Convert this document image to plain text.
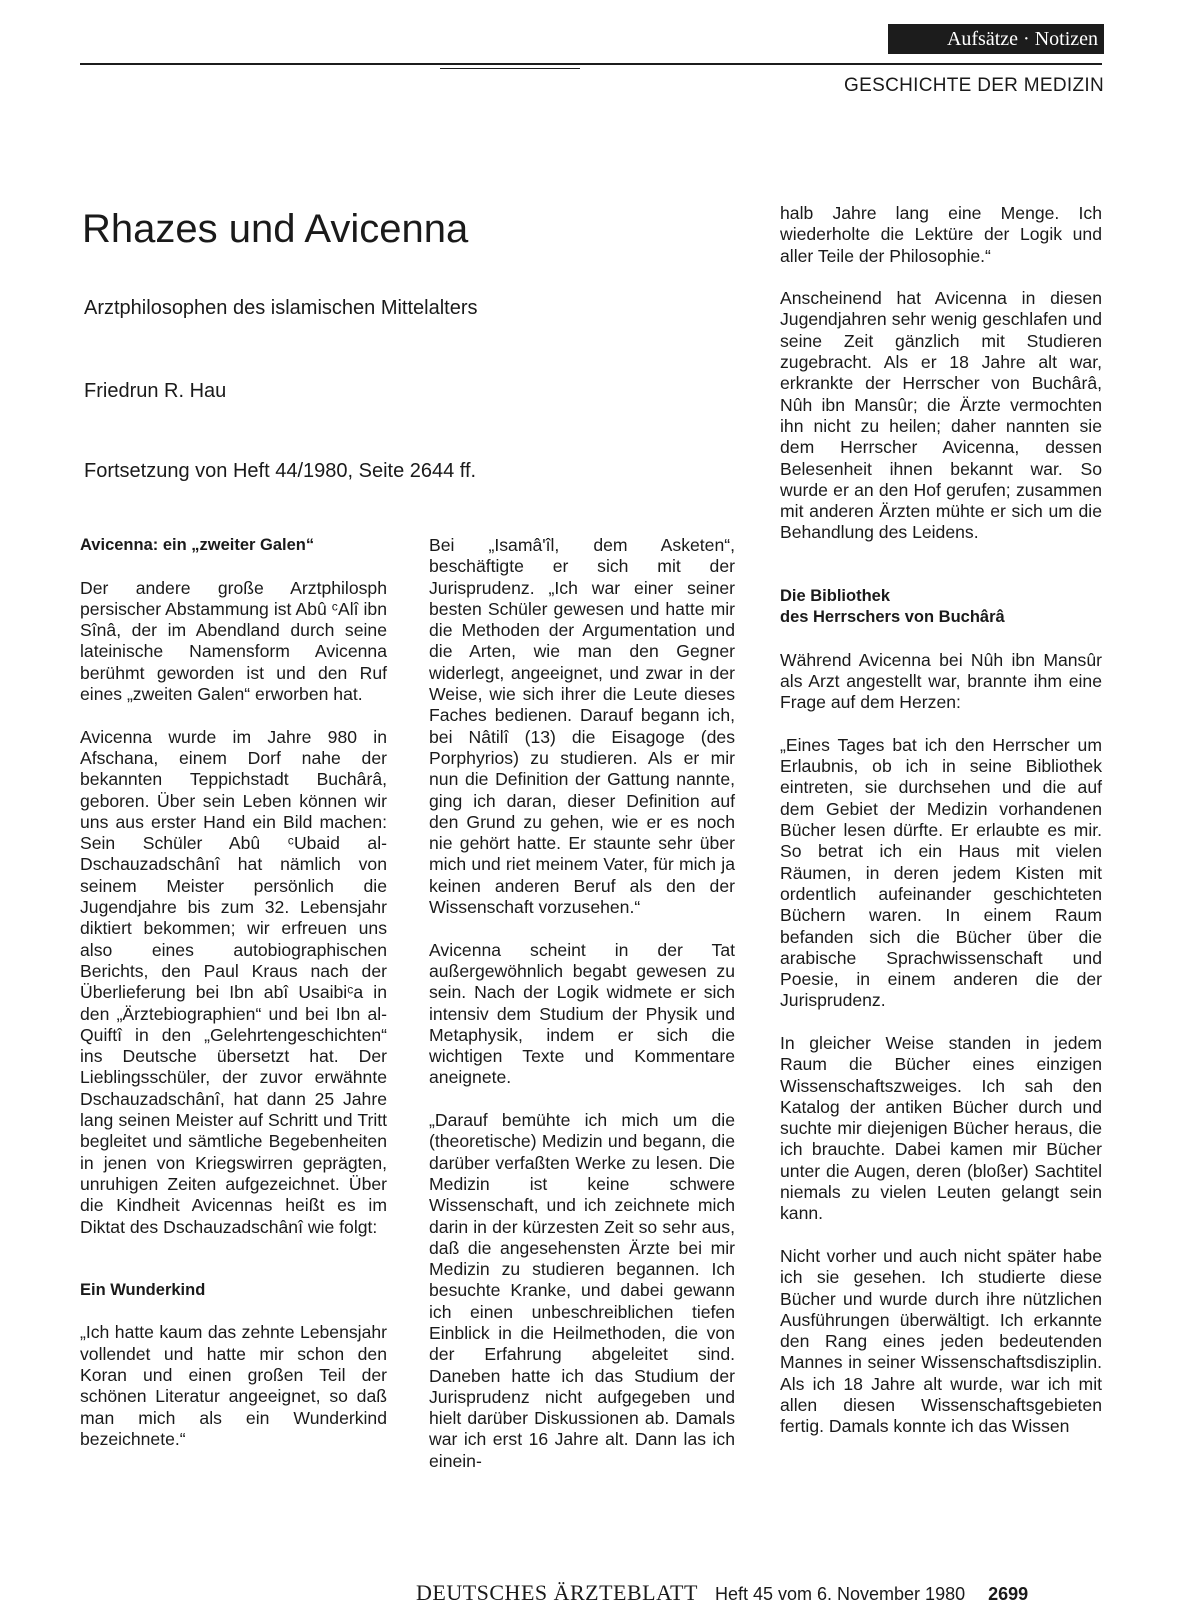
Aufsätze · Notizen
GESCHICHTE DER MEDIZIN
Rhazes und Avicenna
Arztphilosophen des islamischen Mittelalters
Friedrun R. Hau
Fortsetzung von Heft 44/1980, Seite 2644 ff.
Avicenna: ein „zweiter Galen“

Der andere große Arztphilosph persischer Abstammung ist Abû ᶜAlî ibn Sînâ, der im Abendland durch seine lateinische Namensform Avicenna berühmt geworden ist und den Ruf eines „zweiten Galen“ erworben hat.

Avicenna wurde im Jahre 980 in Afschana, einem Dorf nahe der bekannten Teppichstadt Buchârâ, geboren. Über sein Leben können wir uns aus erster Hand ein Bild machen: Sein Schüler Abû ᶜUbaid al-Dschauzadschânî hat nämlich von seinem Meister persönlich die Jugendjahre bis zum 32. Lebensjahr diktiert bekommen; wir erfreuen uns also eines autobiographischen Berichts, den Paul Kraus nach der Überlieferung bei Ibn abî Usaibiᶜa in den „Ärztebiographien“ und bei Ibn al-Quiftî in den „Gelehrtengeschichten“ ins Deutsche übersetzt hat. Der Lieblingsschüler, der zuvor erwähnte Dschauzadschânî, hat dann 25 Jahre lang seinen Meister auf Schritt und Tritt begleitet und sämtliche Begebenheiten in jenen von Kriegswirren geprägten, unruhigen Zeiten aufgezeichnet. Über die Kindheit Avicennas heißt es im Diktat des Dschauzadschânî wie folgt:

Ein Wunderkind

„Ich hatte kaum das zehnte Lebensjahr vollendet und hatte mir schon den Koran und einen großen Teil der schönen Literatur angeeignet, so daß man mich als ein Wunderkind bezeichnete.“

Bei „Isamâ'îl, dem Asketen“, beschäftigte er sich mit der Jurisprudenz. „Ich war einer seiner besten Schüler gewesen und hatte mir die Methoden der Argumentation und die Arten, wie man den Gegner widerlegt, angeeignet, und zwar in der Weise, wie sich ihrer die Leute dieses Faches bedienen. Darauf begann ich, bei Nâtilî (13) die Eisagoge (des Porphyrios) zu studieren. Als er mir nun die Definition der Gattung nannte, ging ich daran, dieser Definition auf den Grund zu gehen, wie er es noch nie gehört hatte. Er staunte sehr über mich und riet meinem Vater, für mich ja keinen anderen Beruf als den der Wissenschaft vorzusehen.“

Avicenna scheint in der Tat außergewöhnlich begabt gewesen zu sein. Nach der Logik widmete er sich intensiv dem Studium der Physik und Metaphysik, indem er sich die wichtigen Texte und Kommentare aneignete.

„Darauf bemühte ich mich um die (theoretische) Medizin und begann, die darüber verfaßten Werke zu lesen. Die Medizin ist keine schwere Wissenschaft, und ich zeichnete mich darin in der kürzesten Zeit so sehr aus, daß die angesehensten Ärzte bei mir Medizin zu studieren begannen. Ich besuchte Kranke, und dabei gewann ich einen unbeschreiblichen tiefen Einblick in die Heilmethoden, die von der Erfahrung abgeleitet sind. Daneben hatte ich das Studium der Jurisprudenz nicht aufgegeben und hielt darüber Diskussionen ab. Damals war ich erst 16 Jahre alt. Dann las ich einein-

halb Jahre lang eine Menge. Ich wiederholte die Lektüre der Logik und aller Teile der Philosophie.“

Anscheinend hat Avicenna in diesen Jugendjahren sehr wenig geschlafen und seine Zeit gänzlich mit Studieren zugebracht. Als er 18 Jahre alt war, erkrankte der Herrscher von Buchârâ, Nûh ibn Mansûr; die Ärzte vermochten ihn nicht zu heilen; daher nannten sie dem Herrscher Avicenna, dessen Belesenheit ihnen bekannt war. So wurde er an den Hof gerufen; zusammen mit anderen Ärzten mühte er sich um die Behandlung des Leidens.

Die Bibliothek
des Herrschers von Buchârâ

Während Avicenna bei Nûh ibn Mansûr als Arzt angestellt war, brannte ihm eine Frage auf dem Herzen:

„Eines Tages bat ich den Herrscher um Erlaubnis, ob ich in seine Bibliothek eintreten, sie durchsehen und die auf dem Gebiet der Medizin vorhandenen Bücher lesen dürfte. Er erlaubte es mir. So betrat ich ein Haus mit vielen Räumen, in deren jedem Kisten mit ordentlich aufeinander geschichteten Büchern waren. In einem Raum befanden sich die Bücher über die arabische Sprachwissenschaft und Poesie, in einem anderen die der Jurisprudenz.

In gleicher Weise standen in jedem Raum die Bücher eines einzigen Wissenschaftszweiges. Ich sah den Katalog der antiken Bücher durch und suchte mir diejenigen Bücher heraus, die ich brauchte. Dabei kamen mir Bücher unter die Augen, deren (bloßer) Sachtitel niemals zu vielen Leuten gelangt sein kann.

Nicht vorher und auch nicht später habe ich sie gesehen. Ich studierte diese Bücher und wurde durch ihre nützlichen Ausführungen überwältigt. Ich erkannte den Rang eines jeden bedeutenden Mannes in seiner Wissenschaftsdisziplin. Als ich 18 Jahre alt wurde, war ich mit allen diesen Wissenschaftsgebieten fertig. Damals konnte ich das Wissen

DEUTSCHES ÄRZTEBLATT Heft 45 vom 6. November 1980 2699
